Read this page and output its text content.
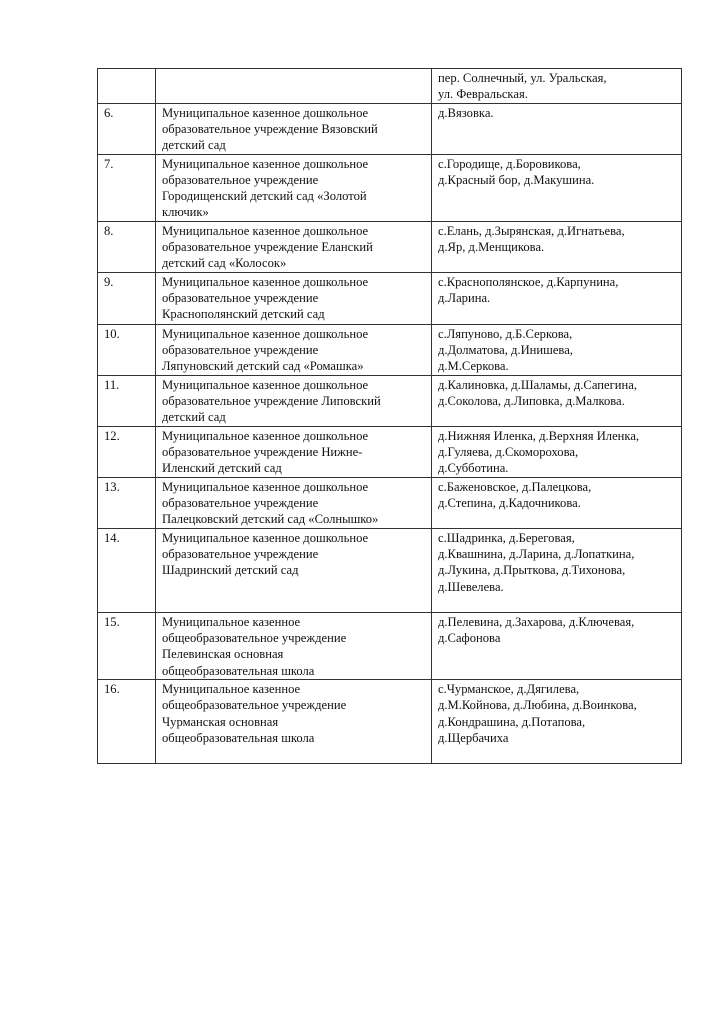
		пер. Солнечный, ул. Уральская,
ул. Февральская.

6.	Муниципальное казенное дошкольное
образовательное учреждение Вязовский
детский сад	д.Вязовка.

7.	Муниципальное казенное дошкольное
образовательное учреждение
Городищенский детский сад «Золотой
ключик»	с.Городище, д.Боровикова,
д.Красный бор, д.Макушина.

8.	Муниципальное казенное дошкольное
образовательное учреждение Еланский
детский сад «Колосок»	с.Елань, д.Зырянская, д.Игнатьева,
д.Яр, д.Менщикова.

9.	Муниципальное казенное дошкольное
образовательное учреждение
Краснополянский детский сад	с.Краснополянское, д.Карпунина,
д.Ларина.

10.	Муниципальное казенное дошкольное
образовательное учреждение
Ляпуновский детский сад «Ромашка»	с.Ляпуново, д.Б.Серкова,
д.Долматова, д.Инишева,
д.М.Серкова.

11.	Муниципальное казенное дошкольное
образовательное учреждение Липовский
детский сад	д.Калиновка, д.Шаламы, д.Сапегина,
д.Соколова, д.Липовка, д.Малкова.

12.	Муниципальное казенное дошкольное
образовательное учреждение Нижне-
Иленский детский сад	д.Нижняя Иленка, д.Верхняя Иленка,
д.Гуляева, д.Скоморохова,
д.Субботина.

13.	Муниципальное казенное дошкольное
образовательное учреждение
Палецковский детский сад «Солнышко»	с.Баженовское, д.Палецкова,
д.Степина, д.Кадочникова.

14.	Муниципальное казенное дошкольное
образовательное учреждение
Шадринский детский сад	с.Шадринка, д.Береговая,
д.Квашнина, д.Ларина, д.Лопаткина,
д.Лукина, д.Прыткова, д.Тихонова,
д.Шевелева.

15.	Муниципальное казенное
общеобразовательное учреждение
Пелевинская основная
общеобразовательная школа	д.Пелевина, д.Захарова, д.Ключевая,
д.Сафонова

16.	Муниципальное казенное
общеобразовательное учреждение
Чурманская основная
общеобразовательная школа	с.Чурманское, д.Дягилева,
д.М.Койнова, д.Любина, д.Воинкова,
д.Кондрашина, д.Потапова,
д.Щербачиха
